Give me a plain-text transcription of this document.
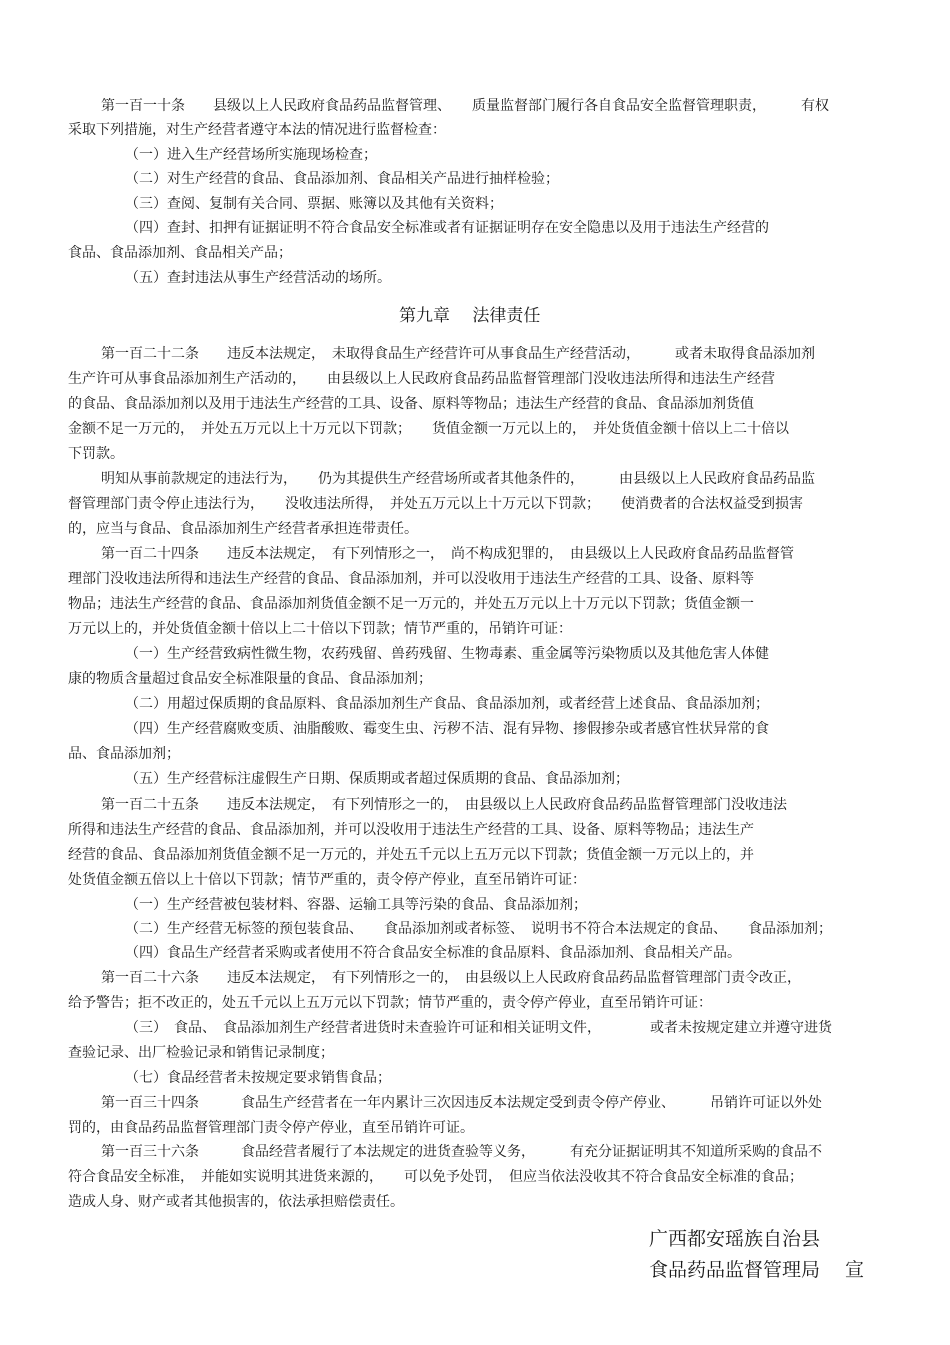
第一百一十条　　县级以上人民政府食品药品监督管理、　　质量监督部门履行各自食品安全监督管理职责，　　　有权
采取下列措施，对生产经营者遵守本法的情况进行监督检查：
（一）进入生产经营场所实施现场检查；
（二）对生产经营的食品、食品添加剂、食品相关产品进行抽样检验；
（三）查阅、复制有关合同、票据、账簿以及其他有关资料；
（四）查封、扣押有证据证明不符合食品安全标准或者有证据证明存在安全隐患以及用于违法生产经营的
食品、食品添加剂、食品相关产品；
（五）查封违法从事生产经营活动的场所。
第九章　 法律责任
第一百二十二条　　违反本法规定，　未取得食品生产经营许可从事食品生产经营活动，　　　或者未取得食品添加剂
生产许可从事食品添加剂生产活动的，　　由县级以上人民政府食品药品监督管理部门没收违法所得和违法生产经营
的食品、食品添加剂以及用于违法生产经营的工具、设备、原料等物品；违法生产经营的食品、食品添加剂货值
金额不足一万元的，　并处五万元以上十万元以下罚款；　　货值金额一万元以上的，　并处货值金额十倍以上二十倍以
下罚款。
明知从事前款规定的违法行为，　　仍为其提供生产经营场所或者其他条件的，　　　由县级以上人民政府食品药品监
督管理部门责令停止违法行为，　　没收违法所得，　并处五万元以上十万元以下罚款；　　使消费者的合法权益受到损害
的，应当与食品、食品添加剂生产经营者承担连带责任。
第一百二十四条　　违反本法规定，　有下列情形之一，　尚不构成犯罪的，　由县级以上人民政府食品药品监督管
理部门没收违法所得和违法生产经营的食品、食品添加剂，并可以没收用于违法生产经营的工具、设备、原料等
物品；违法生产经营的食品、食品添加剂货值金额不足一万元的，并处五万元以上十万元以下罚款；货值金额一
万元以上的，并处货值金额十倍以上二十倍以下罚款；情节严重的，吊销许可证：
（一）生产经营致病性微生物，农药残留、兽药残留、生物毒素、重金属等污染物质以及其他危害人体健
康的物质含量超过食品安全标准限量的食品、食品添加剂；
（二）用超过保质期的食品原料、食品添加剂生产食品、食品添加剂，或者经营上述食品、食品添加剂；
（四）生产经营腐败变质、油脂酸败、霉变生虫、污秽不洁、混有异物、掺假掺杂或者感官性状异常的食
品、食品添加剂；
（五）生产经营标注虚假生产日期、保质期或者超过保质期的食品、食品添加剂；
第一百二十五条　　违反本法规定，　有下列情形之一的，　由县级以上人民政府食品药品监督管理部门没收违法
所得和违法生产经营的食品、食品添加剂，并可以没收用于违法生产经营的工具、设备、原料等物品；违法生产
经营的食品、食品添加剂货值金额不足一万元的，并处五千元以上五万元以下罚款；货值金额一万元以上的，并
处货值金额五倍以上十倍以下罚款；情节严重的，责令停产停业，直至吊销许可证：
（一）生产经营被包装材料、容器、运输工具等污染的食品、食品添加剂；
（二）生产经营无标签的预包装食品、　　食品添加剂或者标签、　说明书不符合本法规定的食品、　　食品添加剂；
（四）食品生产经营者采购或者使用不符合食品安全标准的食品原料、食品添加剂、食品相关产品。
第一百二十六条　　违反本法规定，　有下列情形之一的，　由县级以上人民政府食品药品监督管理部门责令改正，
给予警告；拒不改正的，处五千元以上五万元以下罚款；情节严重的，责令停产停业，直至吊销许可证：
（三）　食品、　食品添加剂生产经营者进货时未查验许可证和相关证明文件，　　　　或者未按规定建立并遵守进货
查验记录、出厂检验记录和销售记录制度；
（七）食品经营者未按规定要求销售食品；
第一百三十四条　　　食品生产经营者在一年内累计三次因违反本法规定受到责令停产停业、　　　吊销许可证以外处
罚的，由食品药品监督管理部门责令停产停业，直至吊销许可证。
第一百三十六条　　　食品经营者履行了本法规定的进货查验等义务，　　　有充分证据证明其不知道所采购的食品不
符合食品安全标准，　并能如实说明其进货来源的，　　可以免予处罚，　但应当依法没收其不符合食品安全标准的食品；
造成人身、财产或者其他损害的，依法承担赔偿责任。
广西都安瑶族自治县
食品药品监督管理局　 宣
